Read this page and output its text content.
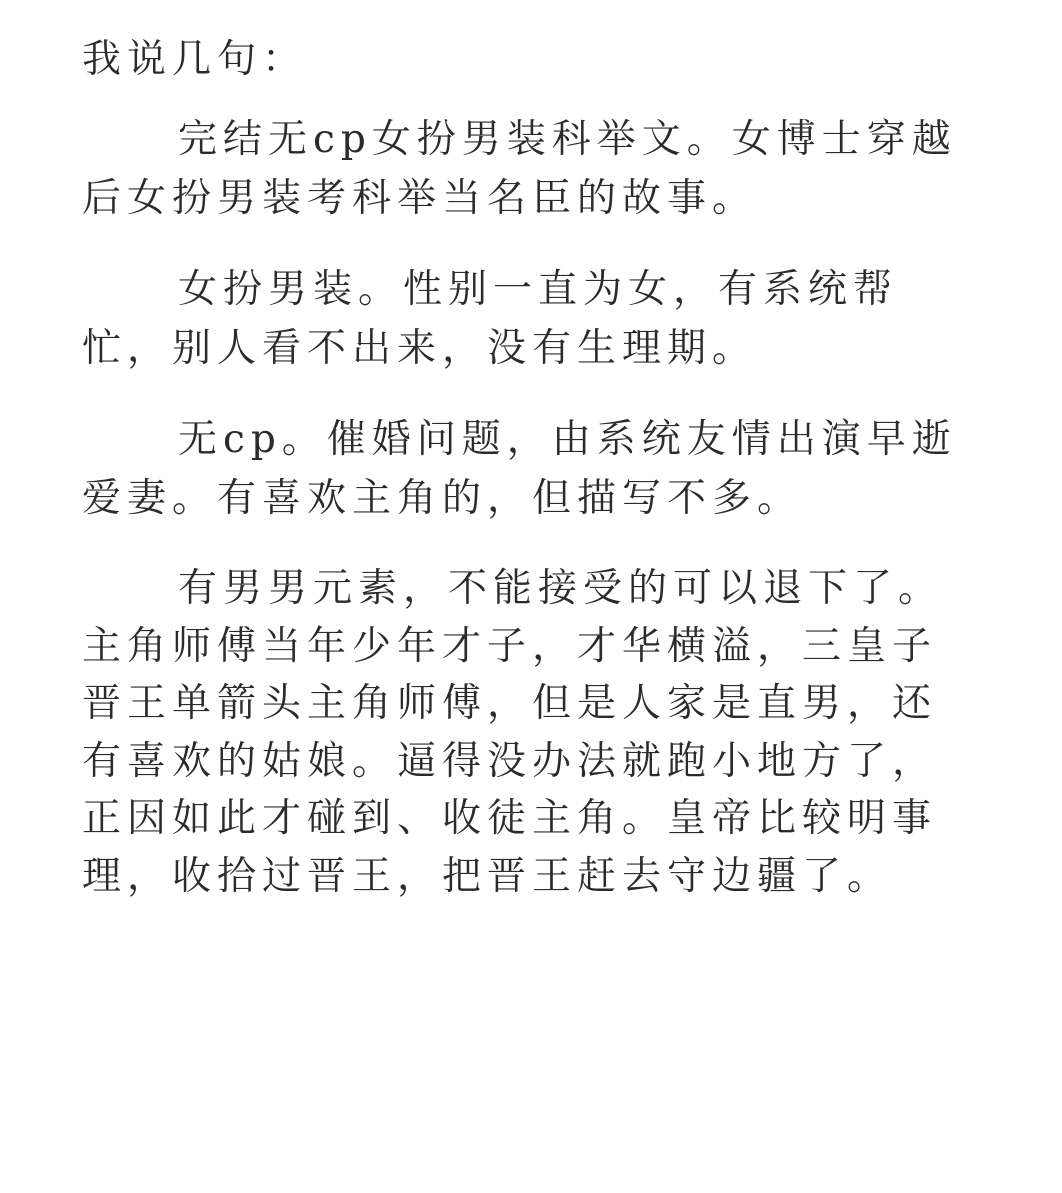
我说几句：
完结无cp女扮男装科举文。女博士穿越
后女扮男装考科举当名臣的故事。
女扮男装。性别一直为女，有系统帮
忙，别人看不出来，没有生理期。
无cp。催婚问题，由系统友情出演早逝
爱妻。有喜欢主角的，但描写不多。
有男男元素，不能接受的可以退下了。
主角师傅当年少年才子，才华横溢，三皇子
晋王单箭头主角师傅，但是人家是直男，还
有喜欢的姑娘。逼得没办法就跑小地方了，
正因如此才碰到、收徒主角。皇帝比较明事
理，收拾过晋王，把晋王赶去守边疆了。
